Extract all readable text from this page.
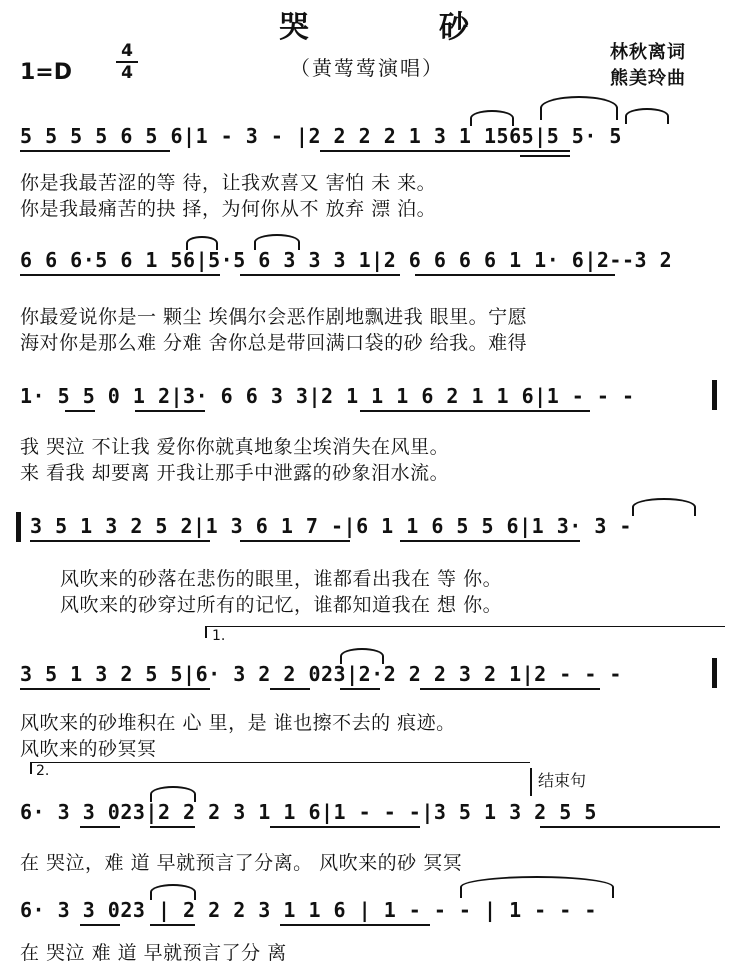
哭	砂
1=D
4
4	（黄莺莺演唱）
林秋离词
熊美玲曲
5 5 5 5 6 5 6|1 - 3 - |2 2 2 2 1 3 1 1565|5 5· 5
你是我最苦涩的等 待，让我欢喜又 害怕 未 来。
你是我最痛苦的抉 择，为何你从不 放弃 漂 泊。
6 6 6·5 6 1 56|5·5 6 3 3 3 1|2 6 6 6 6 1 1· 6|2--3 2
你最爱说你是一 颗尘 埃偶尔会恶作剧地飘进我 眼里。宁愿
海对你是那么难 分难 舍你总是带回满口袋的砂 给我。难得
1· 5 5 0 1 2|3· 6 6 3 3|2 1 1 1 6 2 1 1 6|1 - - -
我 哭泣 不让我 爱你你就真地象尘埃消失在风里。
来 看我 却要离 开我让那手中泄露的砂象泪水流。
3 5 1 3 2 5 2|1 3 6 1 7 -|6 1 1 6 5 5 6|1 3· 3 -
风吹来的砂落在悲伤的眼里，谁都看出我在 等 你。
风吹来的砂穿过所有的记忆，谁都知道我在 想 你。
1.
3 5 1 3 2 5 5|6· 3 2 2 023|2·2 2 2 3 2 1|2 - - -
风吹来的砂堆积在 心 里，是 谁也擦不去的 痕迹。
风吹来的砂冥冥
2.	结束句
6· 3 3 023|2 2 2 3 1 1 6|1 - - -|3 5 1 3 2 5 5
在 哭泣，难 道 早就预言了分离。 风吹来的砂 冥冥
6· 3 3 023 | 2 2 2 3 1 1 6 | 1 - - - | 1 - - -
在 哭泣 难 道 早就预言了分 离
